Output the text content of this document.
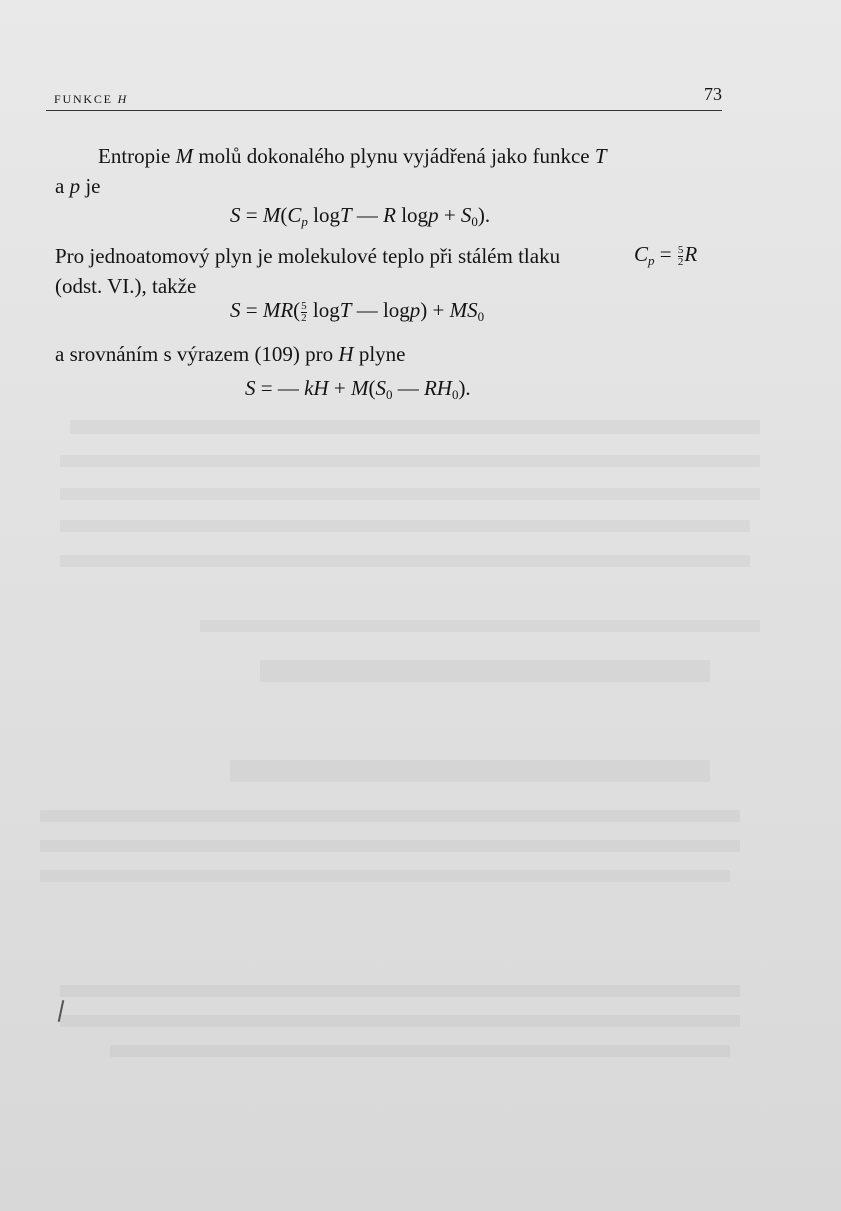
FUNKCE H	73
Entropie M molů dokonalého plynu vyjádřená jako funkce T
a p je
$S = M(C_p$ logT — R $\log p + S_0$).
Pro jednoatomový plyn je molekulové teplo při stálém tlaku	$C_p = \frac{5}{2}$ R
(odst. VI.), takže
$S = MR( \frac{5}{2}$ logT — $\log p) + MS_0$
a srovnáním s výrazem (109) pro H plyne
S = — kH + $M(S_0$ — $RH_0$).
